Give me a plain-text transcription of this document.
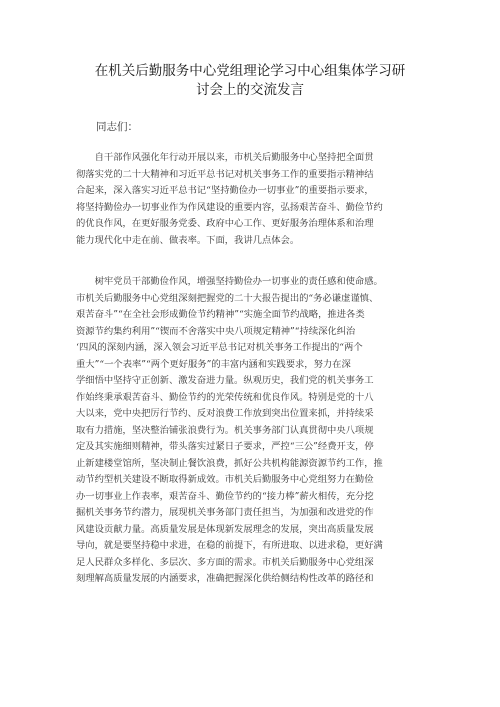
在机关后勤服务中心党组理论学习中心组集体学习研
讨会上的交流发言
同志们：
　　自干部作风强化年行动开展以来，市机关后勤服务中心坚持把全面贯
彻落实党的二十大精神和习近平总书记对机关事务工作的重要指示精神结
合起来，深入落实习近平总书记“坚持勤俭办一切事业”的重要指示要求，
将坚持勤俭办一切事业作为作风建设的重要内容，弘扬艰苦奋斗、勤俭节约
的优良作风，在更好服务党委、政府中心工作、更好服务治理体系和治理
能力现代化中走在前、做表率。下面，我讲几点体会。
　　树牢党员干部勤俭作风，增强坚持勤俭办一切事业的责任感和使命感。
市机关后勤服务中心党组深刻把握党的二十大报告提出的“务必谦虚谨慎、
艰苦奋斗”“在全社会形成勤俭节约精神”“实施全面节约战略，推进各类
资源节约集约利用”“锲而不舍落实中央八项规定精神”“持续深化纠治
‘四风的深刻内涵，深入领会习近平总书记对机关事务工作提出的“两个
重大”“一个表率”“两个更好服务”的丰富内涵和实践要求，努力在深
学细悟中坚持守正创新、激发奋进力量。纵观历史，我们党的机关事务工
作始终秉承艰苦奋斗、勤俭节约的光荣传统和优良作风。特别是党的十八
大以来，党中央把厉行节约、反对浪费工作放到突出位置来抓，并持续采
取有力措施，坚决整治铺张浪费行为。机关事务部门认真贯彻中央八项规
定及其实施细则精神，带头落实过紧日子要求，严控“三公”经费开支，停
止新建楼堂馆所，坚决制止餐饮浪费，抓好公共机构能源资源节约工作，推
动节约型机关建设不断取得新成效。市机关后勤服务中心党组努力在勤俭
办一切事业上作表率，艰苦奋斗、勤俭节约的“接力棒”薪火相传，充分挖
掘机关事务节约潜力，展现机关事务部门责任担当，为加强和改进党的作
风建设贡献力量。高质量发展是体现新发展理念的发展，突出高质量发展
导向，就是要坚持稳中求进，在稳的前提下，有所进取、以进求稳，更好满
足人民群众多样化、多层次、多方面的需求。市机关后勤服务中心党组深
刻理解高质量发展的内涵要求，准确把握深化供给侧结构性改革的路径和
